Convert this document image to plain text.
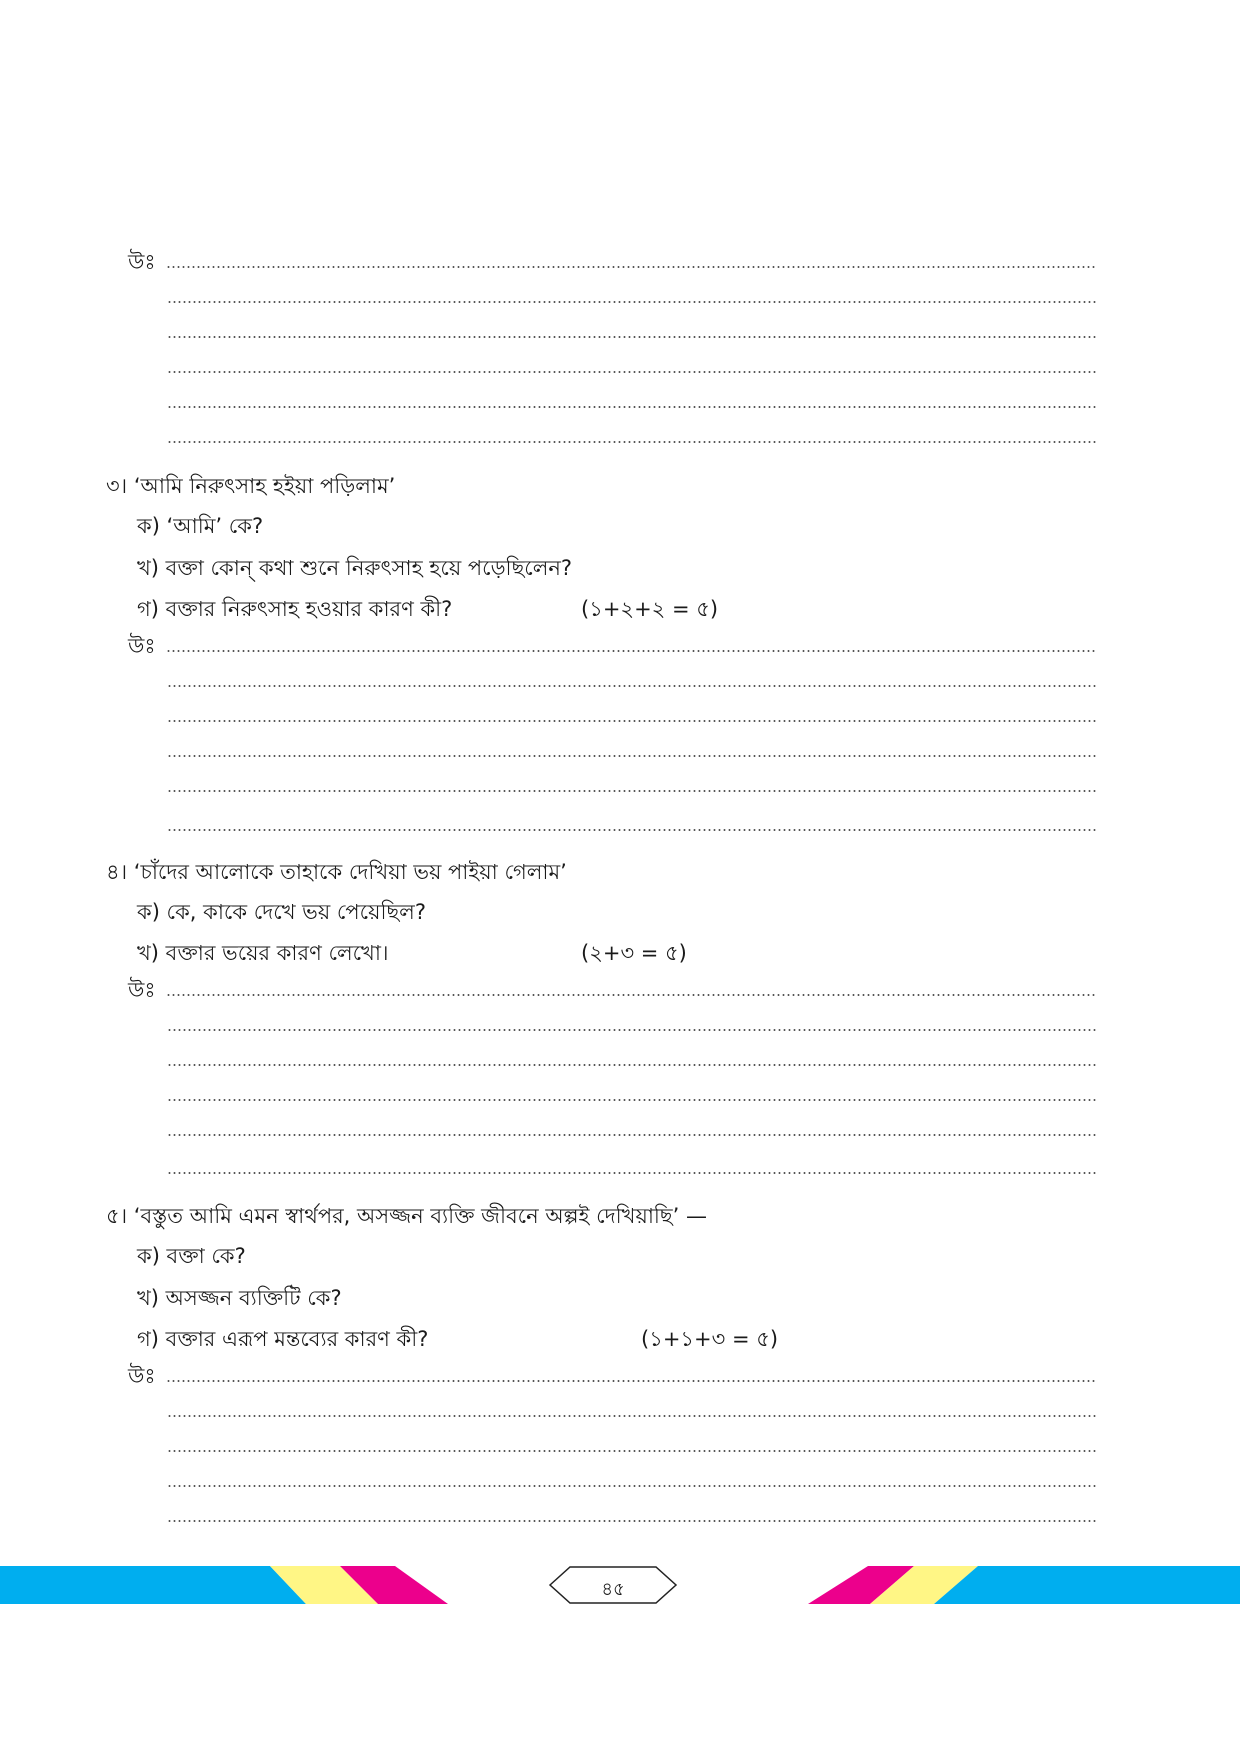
উঃ
৩। ‘আমি নিরুৎসাহ হইয়া পড়িলাম’
ক) ‘আমি’ কে?
খ) বক্তা কোন্ কথা শুনে নিরুৎসাহ হয়ে পড়েছিলেন?
গ) বক্তার নিরুৎসাহ হওয়ার কারণ কী?	(১+২+২ = ৫)
উঃ
৪। ‘চাঁদের আলোকে তাহাকে দেখিয়া ভয় পাইয়া গেলাম’
ক) কে, কাকে দেখে ভয় পেয়েছিল?
খ) বক্তার ভয়ের কারণ লেখো।	(২+৩ = ৫)
উঃ
৫। ‘বস্তুত আমি এমন স্বার্থপর, অসজ্জন ব্যক্তি জীবনে অল্পই দেখিয়াছি’ —
ক) বক্তা কে?
খ) অসজ্জন ব্যক্তিটি কে?
গ) বক্তার এরূপ মন্তব্যের কারণ কী?	(১+১+৩ = ৫)
উঃ
৪৫
